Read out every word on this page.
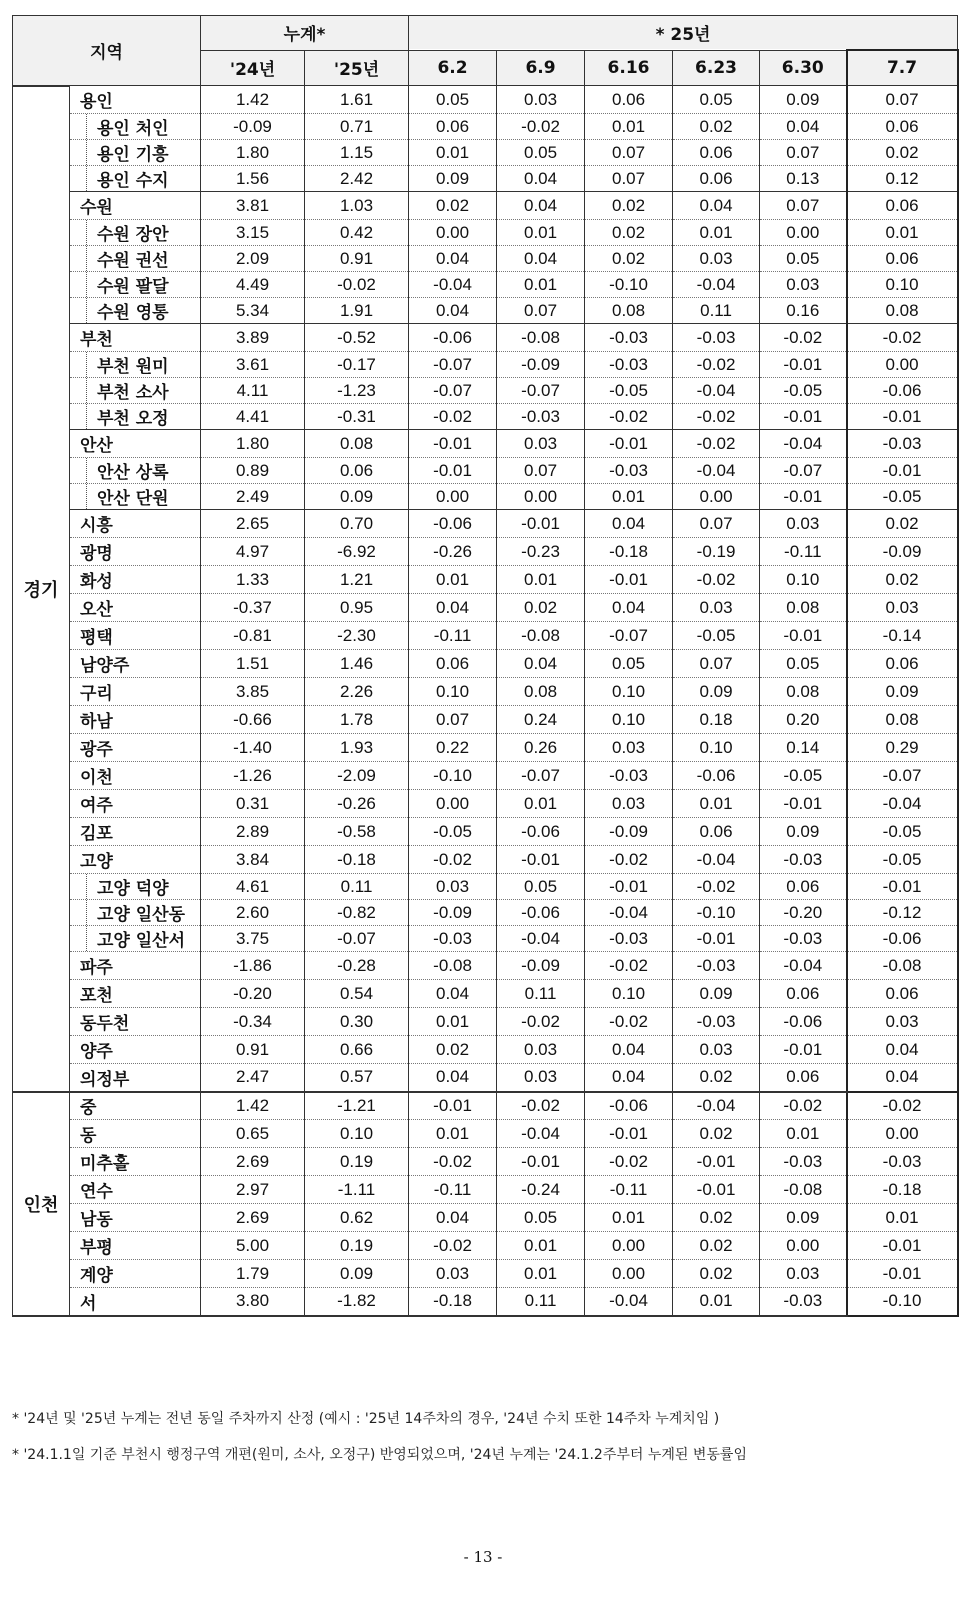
지역		누계*		* 25년					
		'24년	'25년	6.2	6.9	6.16	6.23	6.30	7.7
경기	용인	1.42	1.61	0.05	0.03	0.06	0.05	0.09	0.07
	용인 처인	-0.09	0.71	0.06	-0.02	0.01	0.02	0.04	0.06
	용인 기흥	1.80	1.15	0.01	0.05	0.07	0.06	0.07	0.02
	용인 수지	1.56	2.42	0.09	0.04	0.07	0.06	0.13	0.12
	수원	3.81	1.03	0.02	0.04	0.02	0.04	0.07	0.06
	수원 장안	3.15	0.42	0.00	0.01	0.02	0.01	0.00	0.01
	수원 권선	2.09	0.91	0.04	0.04	0.02	0.03	0.05	0.06
	수원 팔달	4.49	-0.02	-0.04	0.01	-0.10	-0.04	0.03	0.10
	수원 영통	5.34	1.91	0.04	0.07	0.08	0.11	0.16	0.08
	부천	3.89	-0.52	-0.06	-0.08	-0.03	-0.03	-0.02	-0.02
	부천 원미	3.61	-0.17	-0.07	-0.09	-0.03	-0.02	-0.01	0.00
	부천 소사	4.11	-1.23	-0.07	-0.07	-0.05	-0.04	-0.05	-0.06
	부천 오정	4.41	-0.31	-0.02	-0.03	-0.02	-0.02	-0.01	-0.01
	안산	1.80	0.08	-0.01	0.03	-0.01	-0.02	-0.04	-0.03
	안산 상록	0.89	0.06	-0.01	0.07	-0.03	-0.04	-0.07	-0.01
	안산 단원	2.49	0.09	0.00	0.00	0.01	0.00	-0.01	-0.05
	시흥	2.65	0.70	-0.06	-0.01	0.04	0.07	0.03	0.02
	광명	4.97	-6.92	-0.26	-0.23	-0.18	-0.19	-0.11	-0.09
	화성	1.33	1.21	0.01	0.01	-0.01	-0.02	0.10	0.02
	오산	-0.37	0.95	0.04	0.02	0.04	0.03	0.08	0.03
	평택	-0.81	-2.30	-0.11	-0.08	-0.07	-0.05	-0.01	-0.14
	남양주	1.51	1.46	0.06	0.04	0.05	0.07	0.05	0.06
	구리	3.85	2.26	0.10	0.08	0.10	0.09	0.08	0.09
	하남	-0.66	1.78	0.07	0.24	0.10	0.18	0.20	0.08
	광주	-1.40	1.93	0.22	0.26	0.03	0.10	0.14	0.29
	이천	-1.26	-2.09	-0.10	-0.07	-0.03	-0.06	-0.05	-0.07
	여주	0.31	-0.26	0.00	0.01	0.03	0.01	-0.01	-0.04
	김포	2.89	-0.58	-0.05	-0.06	-0.09	0.06	0.09	-0.05
	고양	3.84	-0.18	-0.02	-0.01	-0.02	-0.04	-0.03	-0.05
	고양 덕양	4.61	0.11	0.03	0.05	-0.01	-0.02	0.06	-0.01
	고양 일산동	2.60	-0.82	-0.09	-0.06	-0.04	-0.10	-0.20	-0.12
	고양 일산서	3.75	-0.07	-0.03	-0.04	-0.03	-0.01	-0.03	-0.06
	파주	-1.86	-0.28	-0.08	-0.09	-0.02	-0.03	-0.04	-0.08
	포천	-0.20	0.54	0.04	0.11	0.10	0.09	0.06	0.06
	동두천	-0.34	0.30	0.01	-0.02	-0.02	-0.03	-0.06	0.03
	양주	0.91	0.66	0.02	0.03	0.04	0.03	-0.01	0.04
	의정부	2.47	0.57	0.04	0.03	0.04	0.02	0.06	0.04
인천	중	1.42	-1.21	-0.01	-0.02	-0.06	-0.04	-0.02	-0.02
	동	0.65	0.10	0.01	-0.04	-0.01	0.02	0.01	0.00
	미추홀	2.69	0.19	-0.02	-0.01	-0.02	-0.01	-0.03	-0.03
	연수	2.97	-1.11	-0.11	-0.24	-0.11	-0.01	-0.08	-0.18
	남동	2.69	0.62	0.04	0.05	0.01	0.02	0.09	0.01
	부평	5.00	0.19	-0.02	0.01	0.00	0.02	0.00	-0.01
	계양	1.79	0.09	0.03	0.01	0.00	0.02	0.03	-0.01
	서	3.80	-1.82	-0.18	0.11	-0.04	0.01	-0.03	-0.10

* '24년 및 '25년 누계는 전년 동일 주차까지 산정 (예시 : '25년 14주차의 경우, '24년 수치 또한 14주차 누계치임 )

* '24.1.1일 기준 부천시 행정구역 개편(원미, 소사, 오정구) 반영되었으며, '24년 누계는 '24.1.2주부터 누계된 변동률임

- 13 -
